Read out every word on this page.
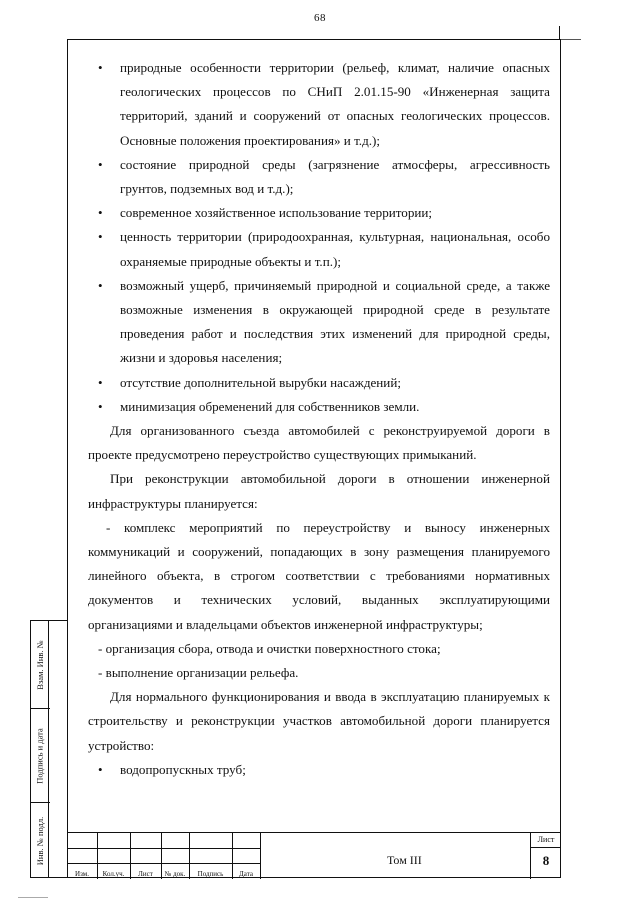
68
• природные особенности территории (рельеф, климат, наличие опасных геологических процессов по СНиП 2.01.15-90 «Инженерная защита территорий, зданий и сооружений от опасных геологических процессов. Основные положения проектирования» и т.д.);
• состояние природной среды (загрязнение атмосферы, агрессивность грунтов, подземных вод и т.д.);
• современное хозяйственное использование территории;
• ценность территории (природоохранная, культурная, национальная, особо охраняемые природные объекты и т.п.);
• возможный ущерб, причиняемый природной и социальной среде, а также возможные изменения в окружающей природной среде в результате проведения работ и последствия этих изменений для природной среды, жизни и здоровья населения;
• отсутствие дополнительной вырубки насаждений;
• минимизация обременений для собственников земли.

Для организованного съезда автомобилей с реконструируемой дороги в проекте предусмотрено переустройство существующих примыканий.

При реконструкции автомобильной дороги в отношении инженерной инфраструктуры планируется:

- комплекс мероприятий по переустройству и выносу инженерных коммуникаций и сооружений, попадающих в зону размещения планируемого линейного объекта, в строгом соответствии с требованиями нормативных документов и технических условий, выданных эксплуатирующими организациями и владельцами объектов инженерной инфраструктуры;

- организация сбора, отвода и очистки поверхностного стока;

- выполнение организации рельефа.

Для нормального функционирования и ввода в эксплуатацию планируемых к строительству и реконструкции участков автомобильной дороги планируется устройство:

• водопропускных труб;
Взам. Инв. №
Подпись и дата
Инв. № подл.
Изм.	Кол.уч.	Лист	№ док.	Подпись	Дата
Том III
Лист
8
